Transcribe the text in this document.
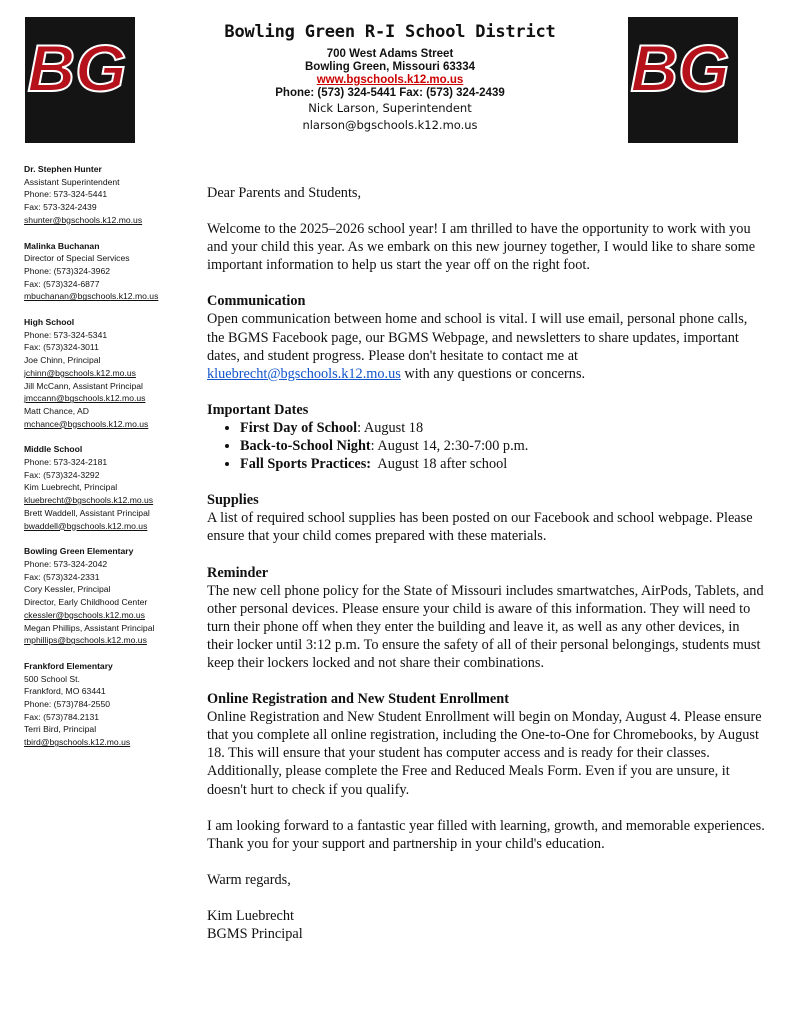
BG	BG
Bowling Green R-I School District
700 West Adams Street
Bowling Green, Missouri 63334
www.bgschools.k12.mo.us
Phone: (573) 324-5441 Fax: (573) 324-2439
Nick Larson, Superintendent
nlarson@bgschools.k12.mo.us
Dr. Stephen Hunter
Assistant Superintendent
Phone: 573-324-5441
Fax: 573-324-2439
shunter@bgschools.k12.mo.us
Malinka Buchanan
Director of Special Services
Phone: (573)324-3962
Fax: (573)324-6877
mbuchanan@bgschools.k12.mo.us
High School
Phone: 573-324-5341
Fax: (573)324-3011
Joe Chinn, Principal
jchinn@bgschools.k12.mo.us
Jill McCann, Assistant Principal
jmccann@bgschools.k12.mo.us
Matt Chance, AD
mchance@bgschools.k12.mo.us
Middle School
Phone: 573-324-2181
Fax: (573)324-3292
Kim Luebrecht, Principal
kluebrecht@bgschools.k12.mo.us
Brett Waddell, Assistant Principal
bwaddell@bgschools.k12.mo.us
Bowling Green Elementary
Phone: 573-324-2042
Fax: (573)324-2331
Cory Kessler, Principal
Director, Early Childhood Center
ckessler@bgschools.k12.mo.us
Megan Phillips, Assistant Principal
mphillips@bgschools.k12.mo.us
Frankford Elementary
500 School St.
Frankford, MO 63441
Phone: (573)784-2550
Fax: (573)784.2131
Terri Bird, Principal
tbird@bgschools.k12.mo.us

Dear Parents and Students,

Welcome to the 2025–2026 school year! I am thrilled to have the opportunity to work with you and your child this year. As we embark on this new journey together, I would like to share some important information to help us start the year off on the right foot.

Communication
Open communication between home and school is vital. I will use email, personal phone calls, the BGMS Facebook page, our BGMS Webpage, and newsletters to share updates, important dates, and student progress. Please don't hesitate to contact me at kluebrecht@bgschools.k12.mo.us with any questions or concerns.
Important Dates
• First Day of School: August 18
• Back-to-School Night: August 14, 2:30-7:00 p.m.
• Fall Sports Practices:  August 18 after school
Supplies
A list of required school supplies has been posted on our Facebook and school webpage. Please ensure that your child comes prepared with these materials.
Reminder
The new cell phone policy for the State of Missouri includes smartwatches, AirPods, Tablets, and other personal devices. Please ensure your child is aware of this information. They will need to turn their phone off when they enter the building and leave it, as well as any other devices, in their locker until 3:12 p.m. To ensure the safety of all of their personal belongings, students must keep their lockers locked and not share their combinations.
Online Registration and New Student Enrollment
Online Registration and New Student Enrollment will begin on Monday, August 4. Please ensure that you complete all online registration, including the One-to-One for Chromebooks, by August 18. This will ensure that your student has computer access and is ready for their classes. Additionally, please complete the Free and Reduced Meals Form. Even if you are unsure, it doesn't hurt to check if you qualify.

I am looking forward to a fantastic year filled with learning, growth, and memorable experiences. Thank you for your support and partnership in your child's education.

Warm regards,

Kim Luebrecht

BGMS Principal
